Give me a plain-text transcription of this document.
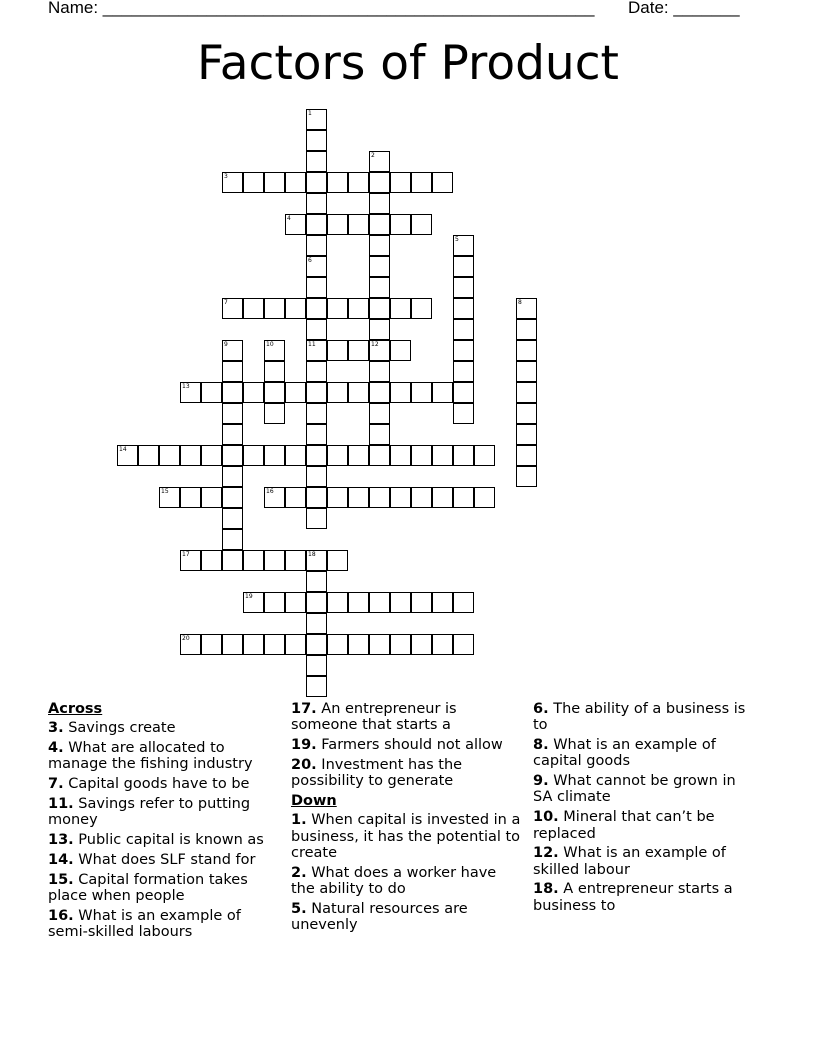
Name: ____________________________________________________ Date: _______
Factors of Product
1
6
2
12
3
4
5
11
7	8
9	10
13
14
15	16
17	18
19
20
Across
3. Savings create
4. What are allocated to manage the fishing industry
7. Capital goods have to be
11. Savings refer to putting money
13. Public capital is known as
14. What does SLF stand for
15. Capital formation takes place when people
16. What is an example of semi-skilled labours
17. An entrepreneur is someone that starts a
19. Farmers should not allow
20. Investment has the possibility to generate
Down
1. When capital is invested in a business, it has the potential to create
2. What does a worker have the ability to do
5. Natural resources are unevenly
6. The ability of a business is to
8. What is an example of capital goods
9. What cannot be grown in SA climate
10. Mineral that can’t be replaced
12. What is an example of skilled labour
18. A entrepreneur starts a business to
